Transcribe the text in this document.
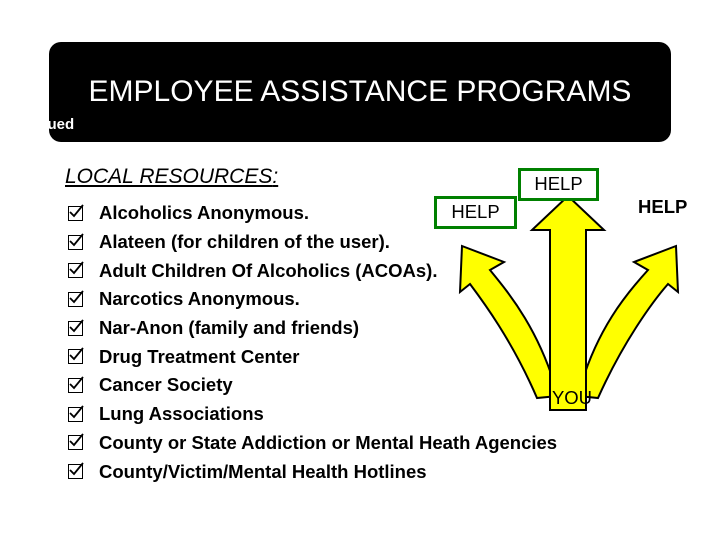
EMPLOYEE ASSISTANCE PROGRAMS
Continued
LOCAL RESOURCES:	HELP
HELP	HELP
YOU
Alcoholics Anonymous.
Alateen (for children of the user).
Adult Children Of Alcoholics (ACOAs).
Narcotics Anonymous.
Nar-Anon (family and friends)
Drug Treatment Center
Cancer Society
Lung Associations
County or State Addiction or Mental Heath Agencies
County/Victim/Mental Health Hotlines
